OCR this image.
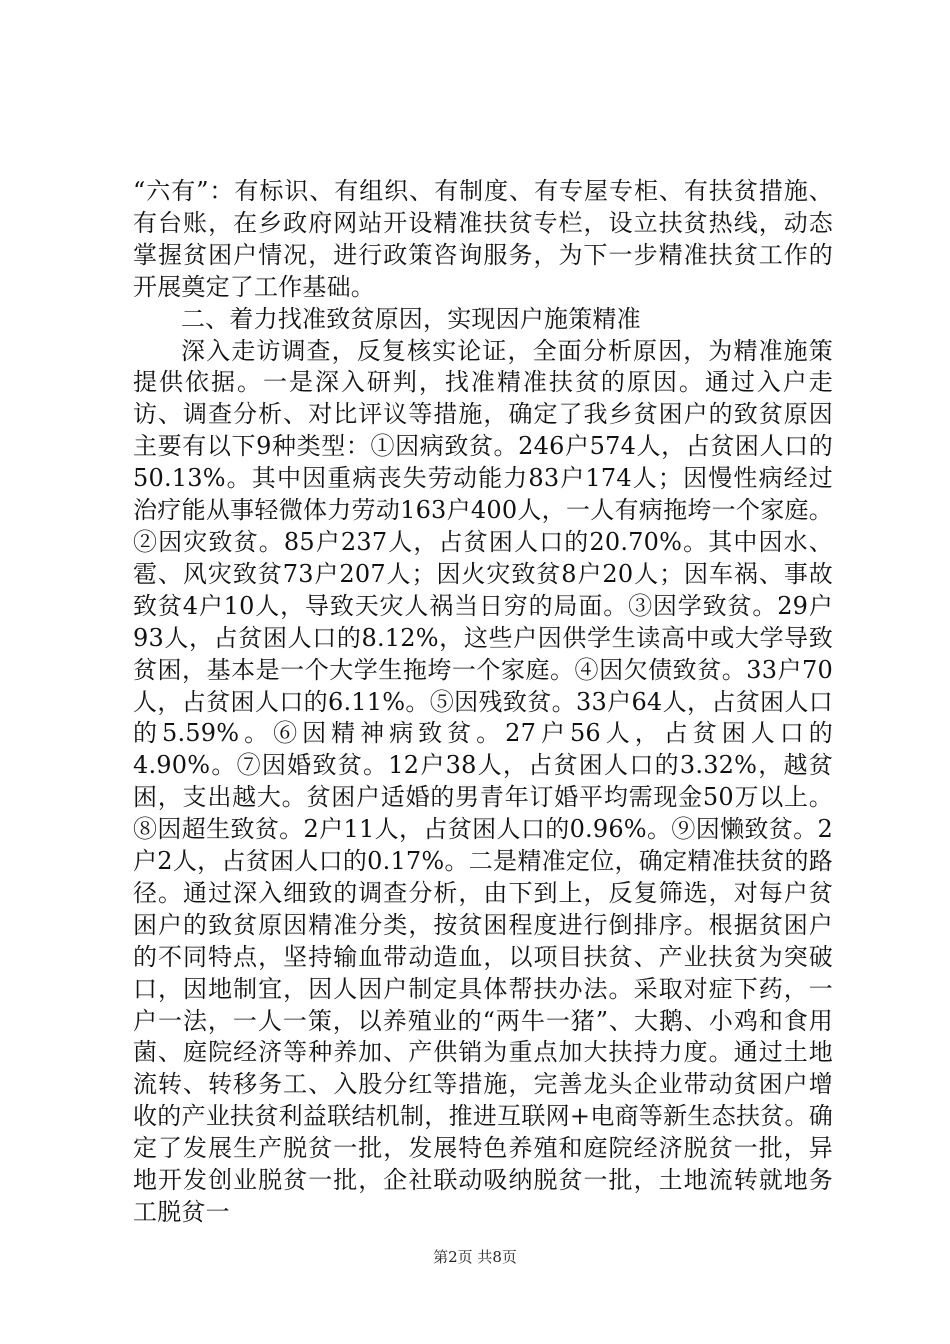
“六有”：有标识、有组织、有制度、有专屋专柜、有扶贫措施、有台账，在乡政府网站开设精准扶贫专栏，设立扶贫热线，动态掌握贫困户情况，进行政策咨询服务，为下一步精准扶贫工作的开展奠定了工作基础。

二、着力找准致贫原因，实现因户施策精准

深入走访调查，反复核实论证，全面分析原因，为精准施策提供依据。一是深入研判，找准精准扶贫的原因。通过入户走访、调查分析、对比评议等措施，确定了我乡贫困户的致贫原因主要有以下9种类型：①因病致贫。246户574人，占贫困人口的50.13%。其中因重病丧失劳动能力83户174人；因慢性病经过治疗能从事轻微体力劳动163户400人，一人有病拖垮一个家庭。②因灾致贫。85户237人，占贫困人口的20.70%。其中因水、雹、风灾致贫73户207人；因火灾致贫8户20人；因车祸、事故致贫4户10人，导致天灾人祸当日穷的局面。③因学致贫。29户93人，占贫困人口的8.12%，这些户因供学生读高中或大学导致贫困，基本是一个大学生拖垮一个家庭。④因欠债致贫。33户70人，占贫困人口的6.11%。⑤因残致贫。33户64人，占贫困人口的5.59%。⑥因精神病致贫。27户56人，占贫困人口的4.90%。⑦因婚致贫。12户38人，占贫困人口的3.32%，越贫困，支出越大。贫困户适婚的男青年订婚平均需现金50万以上。⑧因超生致贫。2户11人，占贫困人口的0.96%。⑨因懒致贫。2户2人，占贫困人口的0.17%。二是精准定位，确定精准扶贫的路径。通过深入细致的调查分析，由下到上，反复筛选，对每户贫困户的致贫原因精准分类，按贫困程度进行倒排序。根据贫困户的不同特点，坚持输血带动造血，以项目扶贫、产业扶贫为突破口，因地制宜，因人因户制定具体帮扶办法。采取对症下药，一户一法，一人一策，以养殖业的“两牛一猪”、大鹅、小鸡和食用菌、庭院经济等种养加、产供销为重点加大扶持力度。通过土地流转、转移务工、入股分红等措施，完善龙头企业带动贫困户增收的产业扶贫利益联结机制，推进互联网+电商等新生态扶贫。确定了发展生产脱贫一批，发展特色养殖和庭院经济脱贫一批，异地开发创业脱贫一批，企社联动吸纳脱贫一批，土地流转就地务工脱贫一

第2页 共8页
